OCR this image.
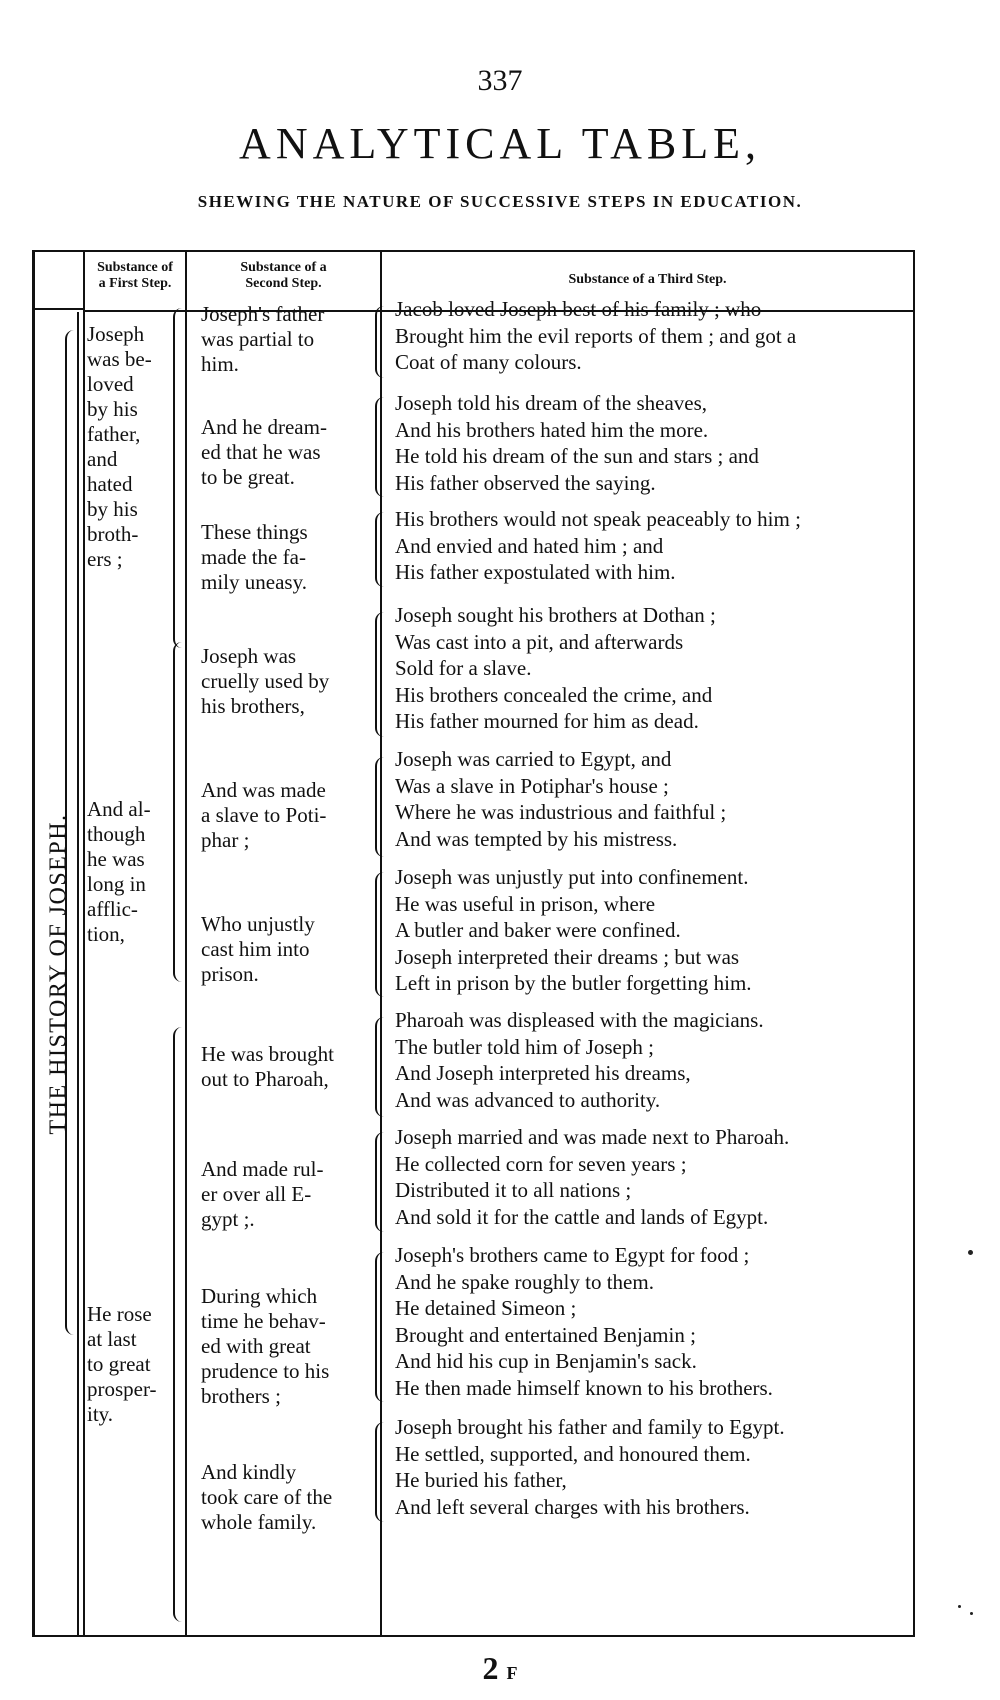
337
ANALYTICAL TABLE,
SHEWING THE NATURE OF SUCCESSIVE STEPS IN EDUCATION.
Substance of
a First Step.
Substance of a
Second Step.	Substance of a Third Step.
THE HISTORY OF JOSEPH.
Joseph
was be-
loved
by his
father,
and
hated
by his
broth-
ers ;
And al-
though
he was
long in
afflic-
tion,
He rose
at last
to great
prosper-
ity.
Joseph's father
was partial to
him.
And he dream-
ed that he was
to be great.
These things
made the fa-
mily uneasy.
Joseph was
cruelly used by
his brothers,
And was made
a slave to Poti-
phar ;
Who unjustly
cast him into
prison.
He was brought
out to Pharoah,
And made rul-
er over all E-
gypt ;.
During which
time he behav-
ed with great
prudence to his
brothers ;
And kindly
took care of the
whole family.
Jacob loved Joseph best of his family ; who
Brought him the evil reports of them ; and got a
Coat of many colours.
Joseph told his dream of the sheaves,
And his brothers hated him the more.
He told his dream of the sun and stars ; and
His father observed the saying.
His brothers would not speak peaceably to him ;
And envied and hated him ; and
His father expostulated with him.
Joseph sought his brothers at Dothan ;
Was cast into a pit, and afterwards
Sold for a slave.
His brothers concealed the crime, and
His father mourned for him as dead.
Joseph was carried to Egypt, and
Was a slave in Potiphar's house ;
Where he was industrious and faithful ;
And was tempted by his mistress.
Joseph was unjustly put into confinement.
He was useful in prison, where
A butler and baker were confined.
Joseph interpreted their dreams ; but was
Left in prison by the butler forgetting him.
Pharoah was displeased with the magicians.
The butler told him of Joseph ;
And Joseph interpreted his dreams,
And was advanced to authority.
Joseph married and was made next to Pharoah.
He collected corn for seven years ;
Distributed it to all nations ;
And sold it for the cattle and lands of Egypt.
Joseph's brothers came to Egypt for food ;
And he spake roughly to them.
He detained Simeon ;
Brought and entertained Benjamin ;
And hid his cup in Benjamin's sack.
He then made himself known to his brothers.
Joseph brought his father and family to Egypt.
He settled, supported, and honoured them.
He buried his father,
And left several charges with his brothers.
2 F
